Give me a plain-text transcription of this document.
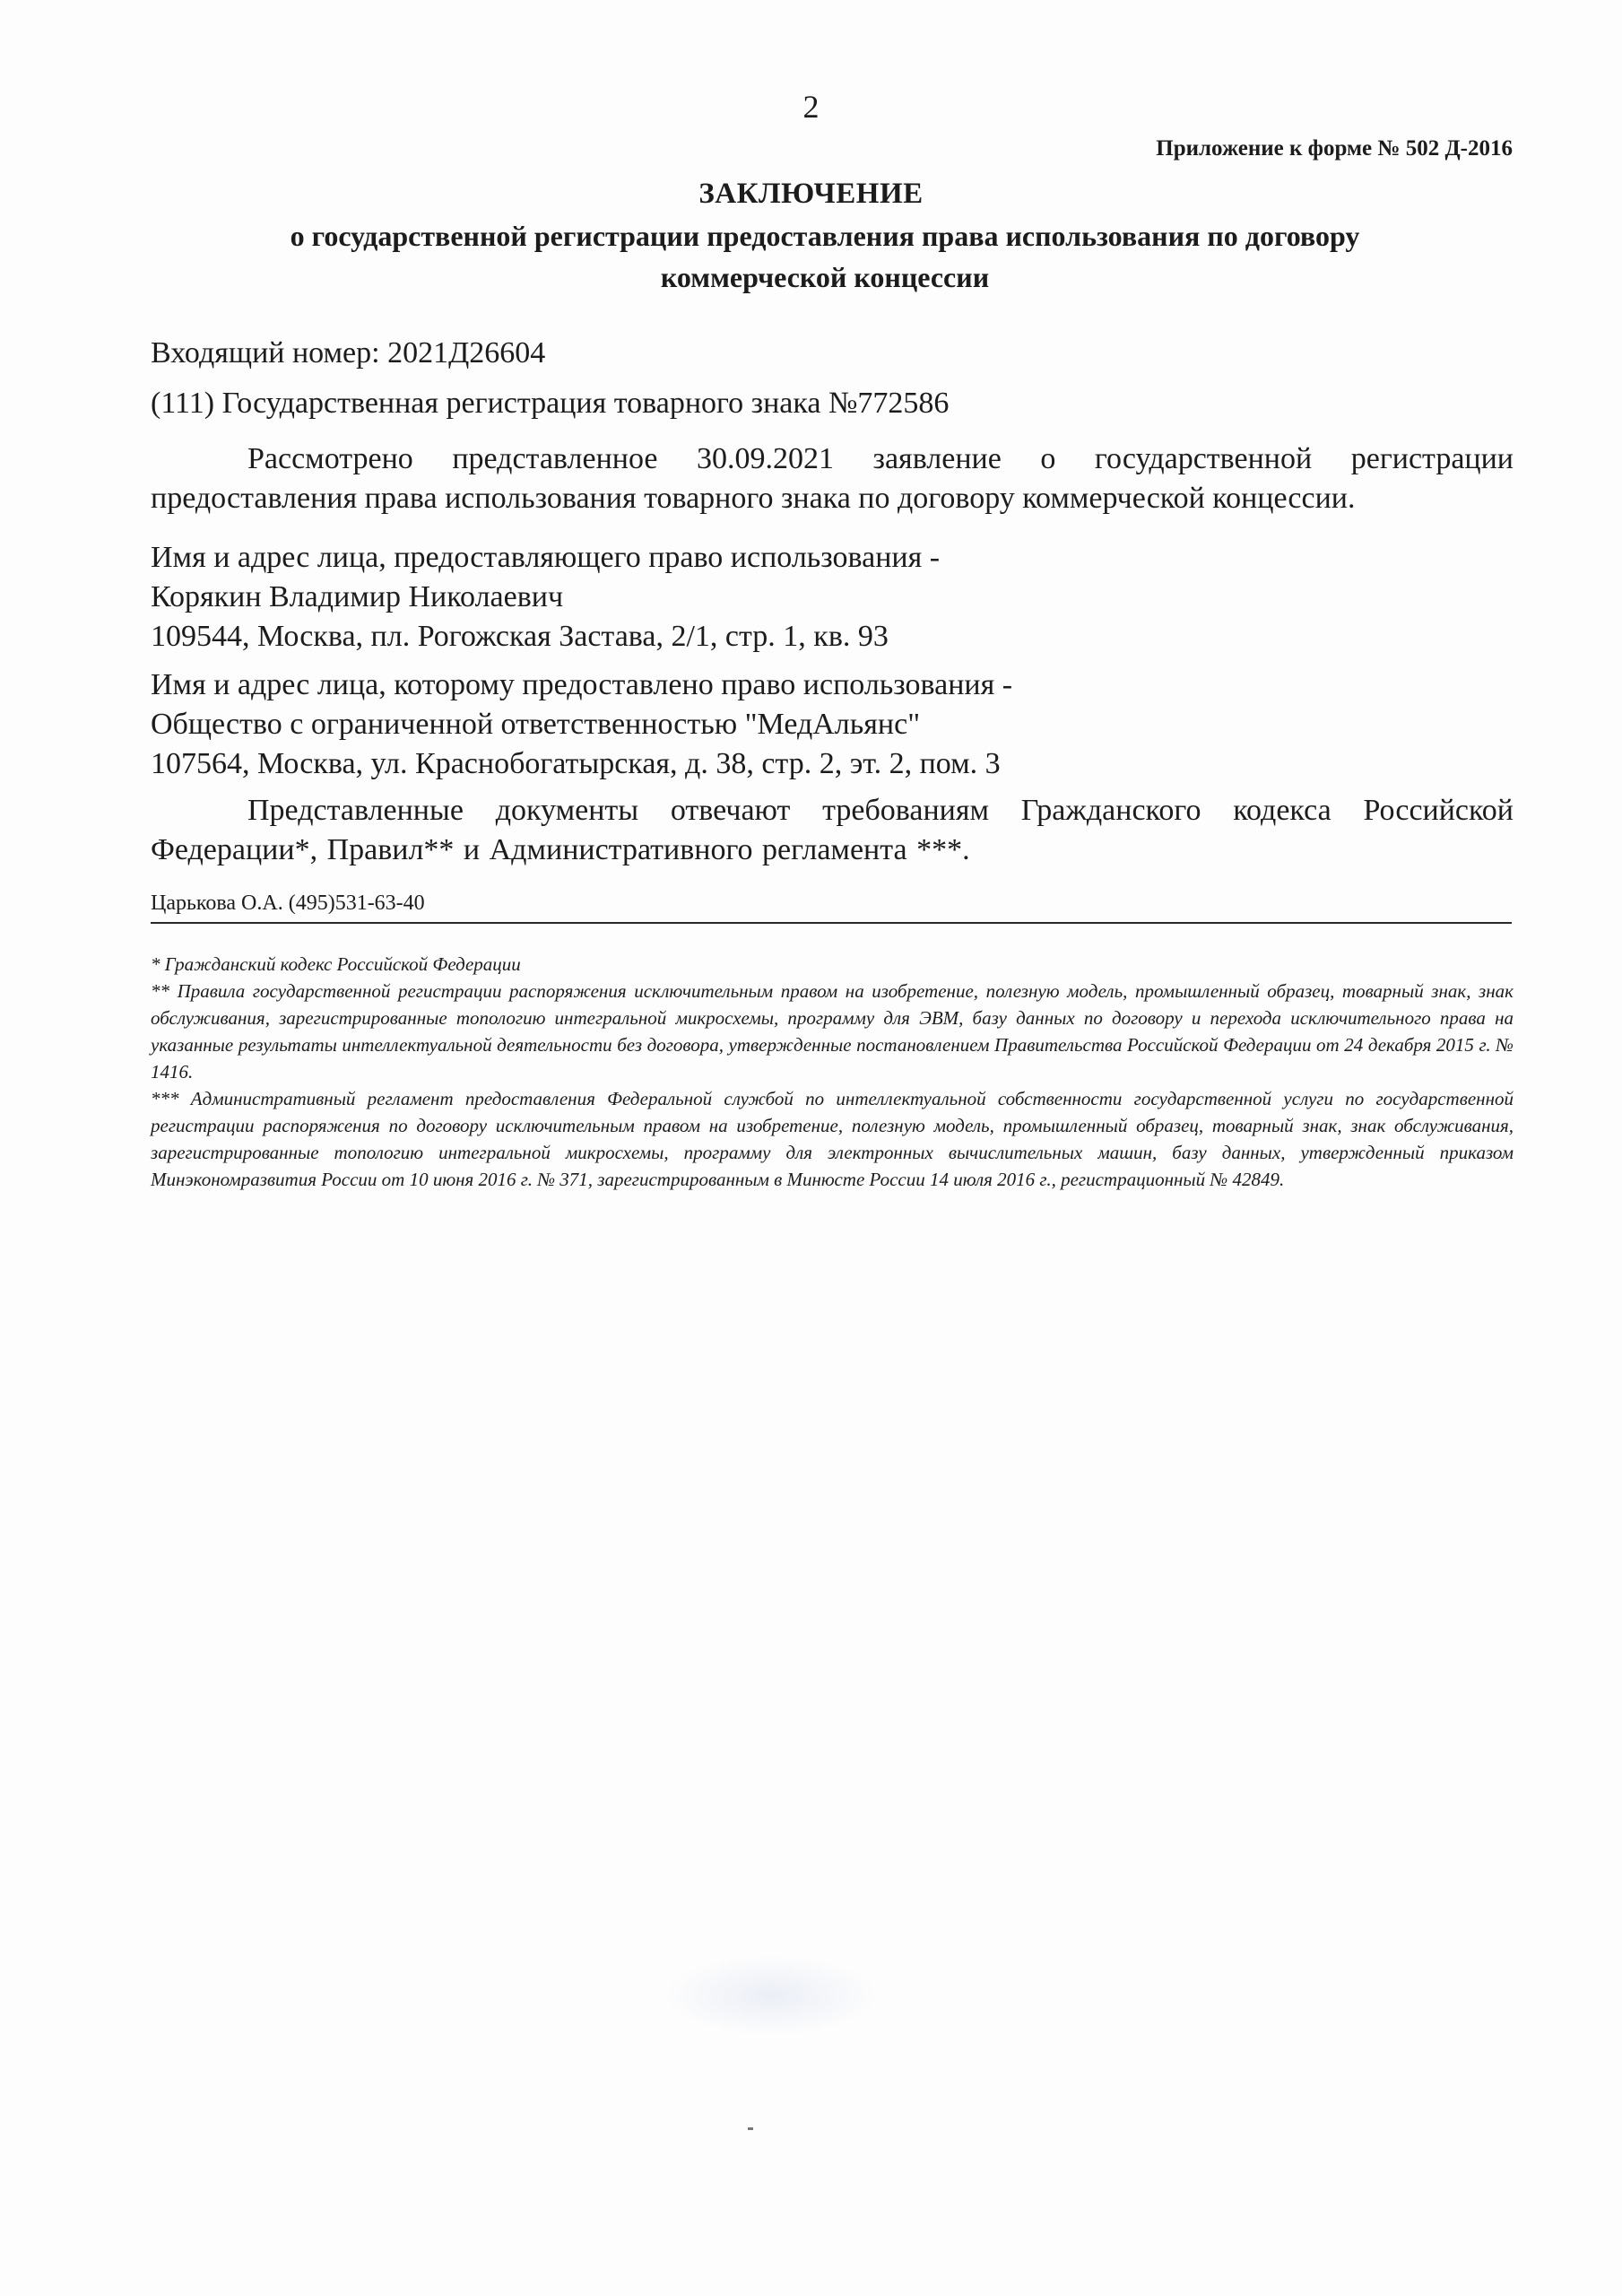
2
Приложение к форме № 502 Д-2016
ЗАКЛЮЧЕНИЕ
о государственной регистрации предоставления права использования по договору коммерческой концессии
Входящий номер: 2021Д26604
(111) Государственная регистрация товарного знака №772586
Рассмотрено представленное 30.09.2021 заявление о государственной регистрации предоставления права использования товарного знака по договору коммерческой концессии.
Имя и адрес лица, предоставляющего право использования -
Корякин Владимир Николаевич
109544, Москва, пл. Рогожская Застава, 2/1, стр. 1, кв. 93
Имя и адрес лица, которому предоставлено право использования -
Общество с ограниченной ответственностью "МедАльянс"
107564, Москва, ул. Краснобогатырская, д. 38, стр. 2, эт. 2, пом. 3
Представленные документы отвечают требованиям Гражданского кодекса Российской Федерации*, Правил** и Административного регламента ***.
Царькова О.А. (495)531-63-40

* Гражданский кодекс Российской Федерации

** Правила государственной регистрации распоряжения исключительным правом на изобретение, полезную модель, промышленный образец, товарный знак, знак обслуживания, зарегистрированные топологию интегральной микросхемы, программу для ЭВМ, базу данных по договору и перехода исключительного права на указанные результаты интеллектуальной деятельности без договора, утвержденные постановлением Правительства Российской Федерации от 24 декабря 2015 г. № 1416.

*** Административный регламент предоставления Федеральной службой по интеллектуальной собственности государственной услуги по государственной регистрации распоряжения по договору исключительным правом на изобретение, полезную модель, промышленный образец, товарный знак, знак обслуживания, зарегистрированные топологию интегральной микросхемы, программу для электронных вычислительных машин, базу данных, утвержденный приказом Минэкономразвития России от 10 июня 2016 г. № 371, зарегистрированным в Минюсте России 14 июля 2016 г., регистрационный № 42849.
